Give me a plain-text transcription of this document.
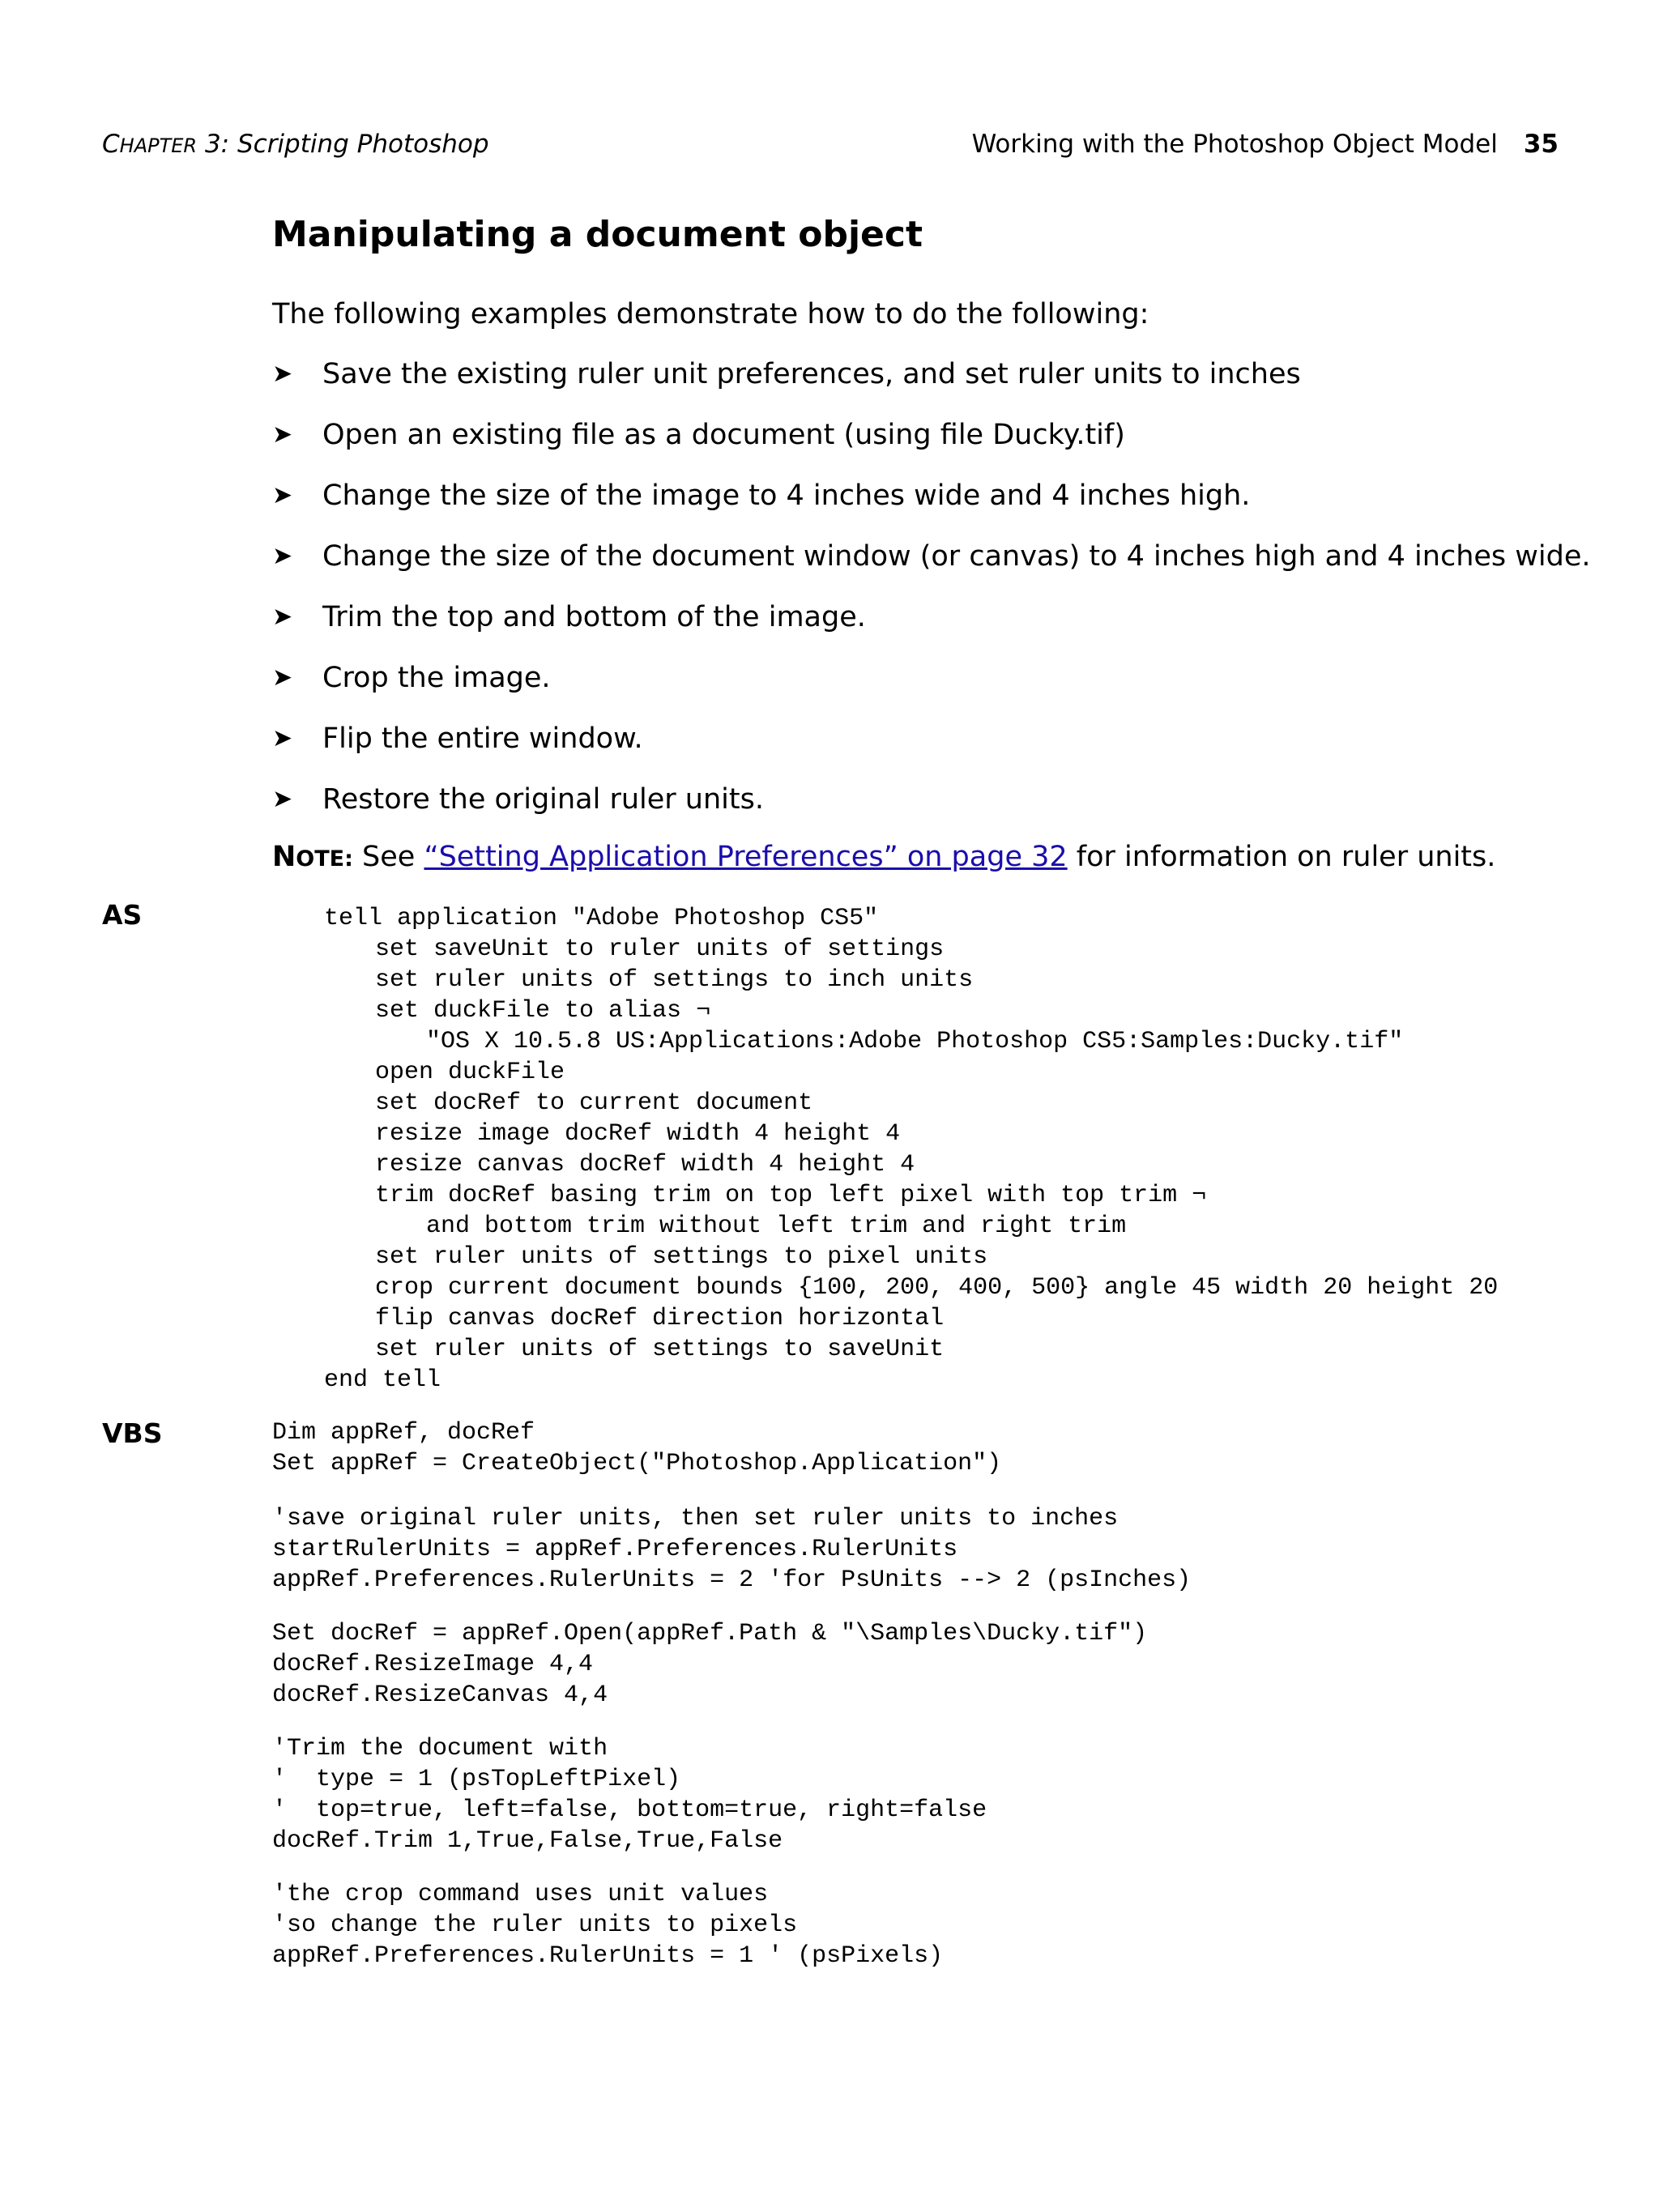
CHAPTER 3: Scripting Photoshop	Working with the Photoshop Object Model 35
Manipulating a document object
The following examples demonstrate how to do the following:
➤	Save the existing ruler unit preferences, and set ruler units to inches
➤	Open an existing file as a document (using file Ducky.tif)
➤	Change the size of the image to 4 inches wide and 4 inches high.
➤	Change the size of the document window (or canvas) to 4 inches high and 4 inches wide.
➤	Trim the top and bottom of the image.
➤	Crop the image.
➤	Flip the entire window.
➤	Restore the original ruler units.
NOTE: See “Setting Application Preferences” on page 32 for information on ruler units.
AS	tell application "Adobe Photoshop CS5"
set saveUnit to ruler units of settings
set ruler units of settings to inch units
set duckFile to alias ¬
"OS X 10.5.8 US:Applications:Adobe Photoshop CS5:Samples:Ducky.tif"
open duckFile
set docRef to current document
resize image docRef width 4 height 4
resize canvas docRef width 4 height 4
trim docRef basing trim on top left pixel with top trim ¬
and bottom trim without left trim and right trim
set ruler units of settings to pixel units
crop current document bounds {100, 200, 400, 500} angle 45 width 20 height 20
flip canvas docRef direction horizontal
set ruler units of settings to saveUnit
end tell
VBS	Dim appRef, docRef
Set appRef = CreateObject("Photoshop.Application")
'save original ruler units, then set ruler units to inches
startRulerUnits = appRef.Preferences.RulerUnits
appRef.Preferences.RulerUnits = 2 'for PsUnits --> 2 (psInches)
Set docRef = appRef.Open(appRef.Path & "\Samples\Ducky.tif")
docRef.ResizeImage 4,4
docRef.ResizeCanvas 4,4
'Trim the document with
'  type = 1 (psTopLeftPixel)
'  top=true, left=false, bottom=true, right=false
docRef.Trim 1,True,False,True,False
'the crop command uses unit values
'so change the ruler units to pixels
appRef.Preferences.RulerUnits = 1 ' (psPixels)
